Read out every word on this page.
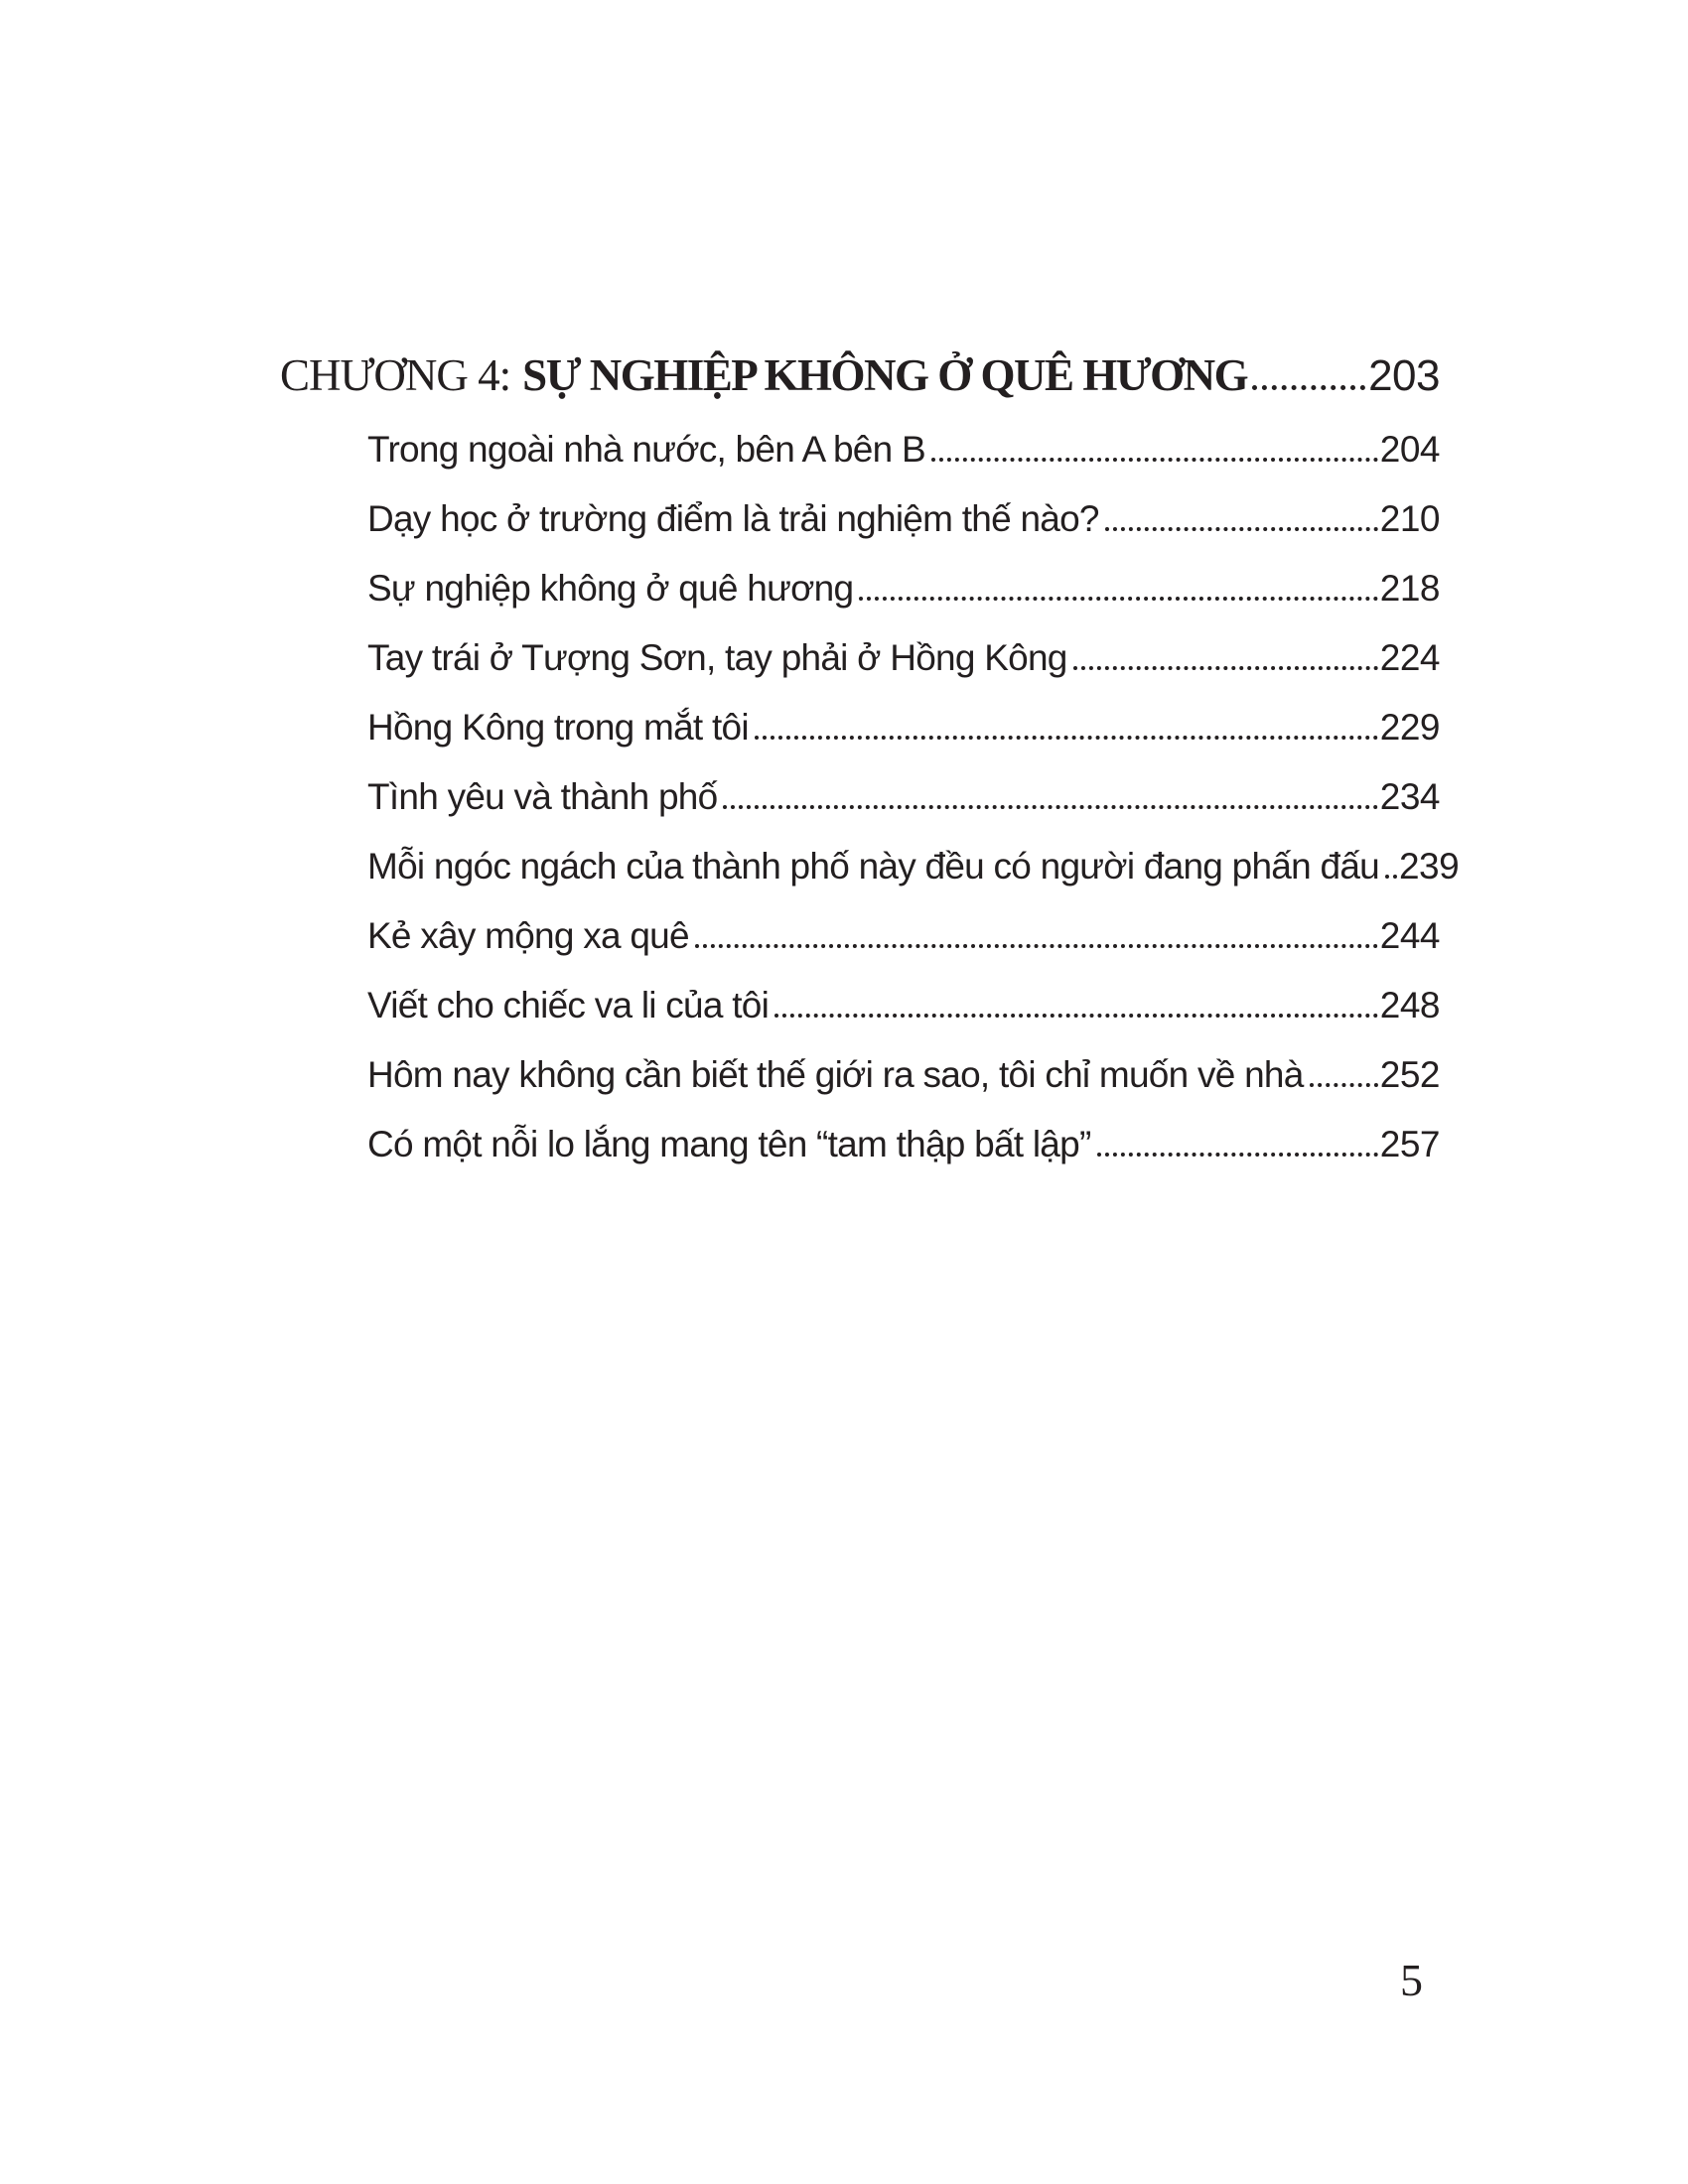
CHƯƠNG 4: SỰ NGHIỆP KHÔNG Ở QUÊ HƯƠNG	203
Trong ngoài nhà nước, bên A bên B	204
Dạy học ở trường điểm là trải nghiệm thế nào?	210
Sự nghiệp không ở quê hương	218
Tay trái ở Tượng Sơn, tay phải ở Hồng Kông	224
Hồng Kông trong mắt tôi	229
Tình yêu và thành phố	234
Mỗi ngóc ngách của thành phố này đều có người đang phấn đấu 239
Kẻ xây mộng xa quê	244
Viết cho chiếc va li của tôi	248
Hôm nay không cần biết thế giới ra sao, tôi chỉ muốn về nhà 252
Có một nỗi lo lắng mang tên “tam thập bất lập”	257
5
